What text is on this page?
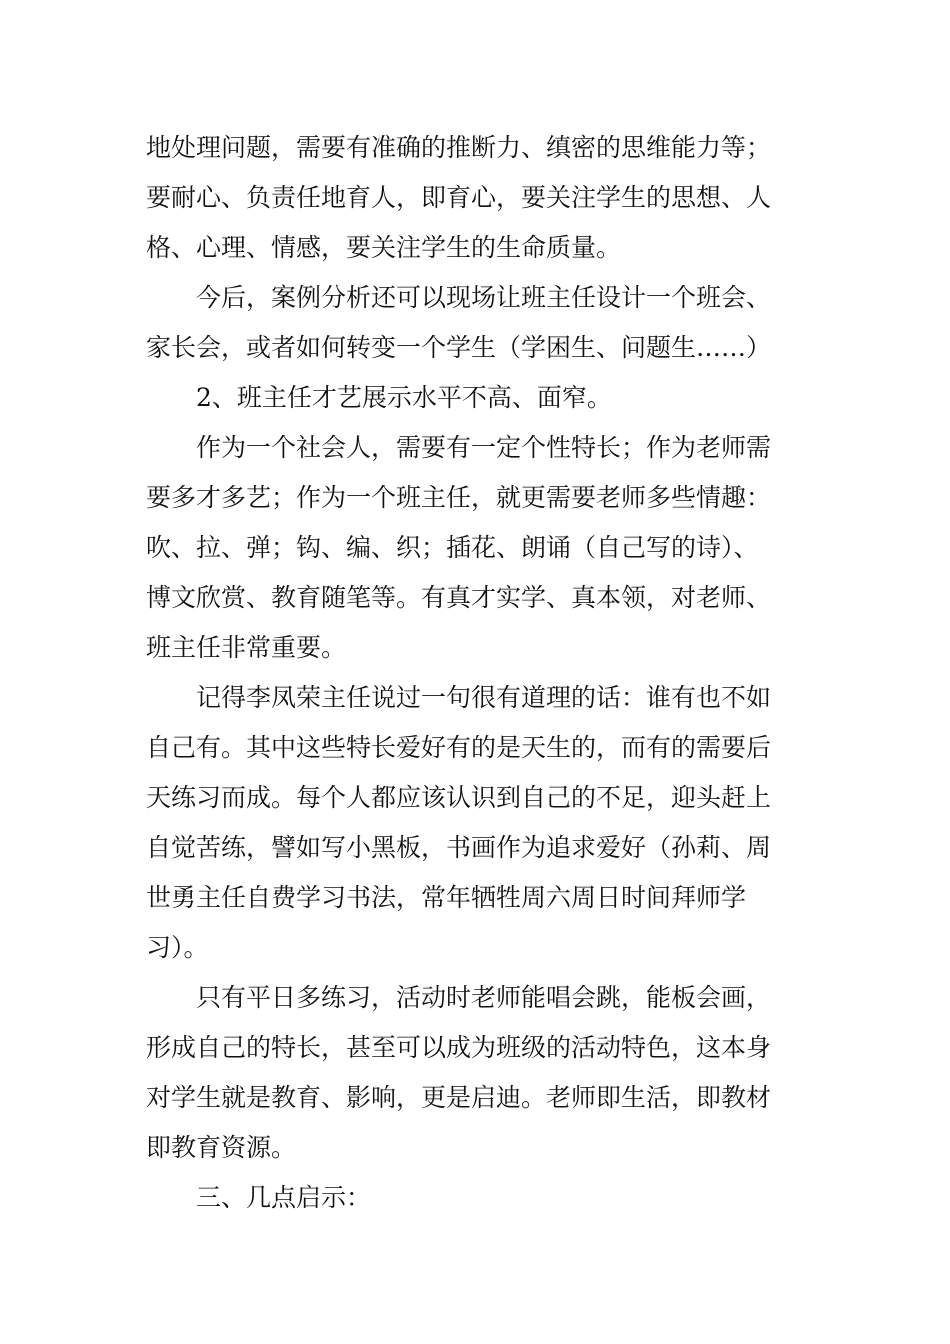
地处理问题，需要有准确的推断力、缜密的思维能力等；
要耐心、负责任地育人，即育心，要关注学生的思想、人
格、心理、情感，要关注学生的生命质量。
今后，案例分析还可以现场让班主任设计一个班会、
家长会，或者如何转变一个学生（学困生、问题生……）
2、班主任才艺展示水平不高、面窄。
作为一个社会人，需要有一定个性特长；作为老师需
要多才多艺；作为一个班主任，就更需要老师多些情趣：
吹、拉、弹；钩、编、织；插花、朗诵（自己写的诗）、
博文欣赏、教育随笔等。有真才实学、真本领，对老师、
班主任非常重要。
记得李凤荣主任说过一句很有道理的话：谁有也不如
自己有。其中这些特长爱好有的是天生的，而有的需要后
天练习而成。每个人都应该认识到自己的不足，迎头赶上
自觉苦练，譬如写小黑板，书画作为追求爱好（孙莉、周
世勇主任自费学习书法，常年牺牲周六周日时间拜师学
习）。
只有平日多练习，活动时老师能唱会跳，能板会画，
形成自己的特长，甚至可以成为班级的活动特色，这本身
对学生就是教育、影响，更是启迪。老师即生活，即教材
即教育资源。
三、几点启示：
